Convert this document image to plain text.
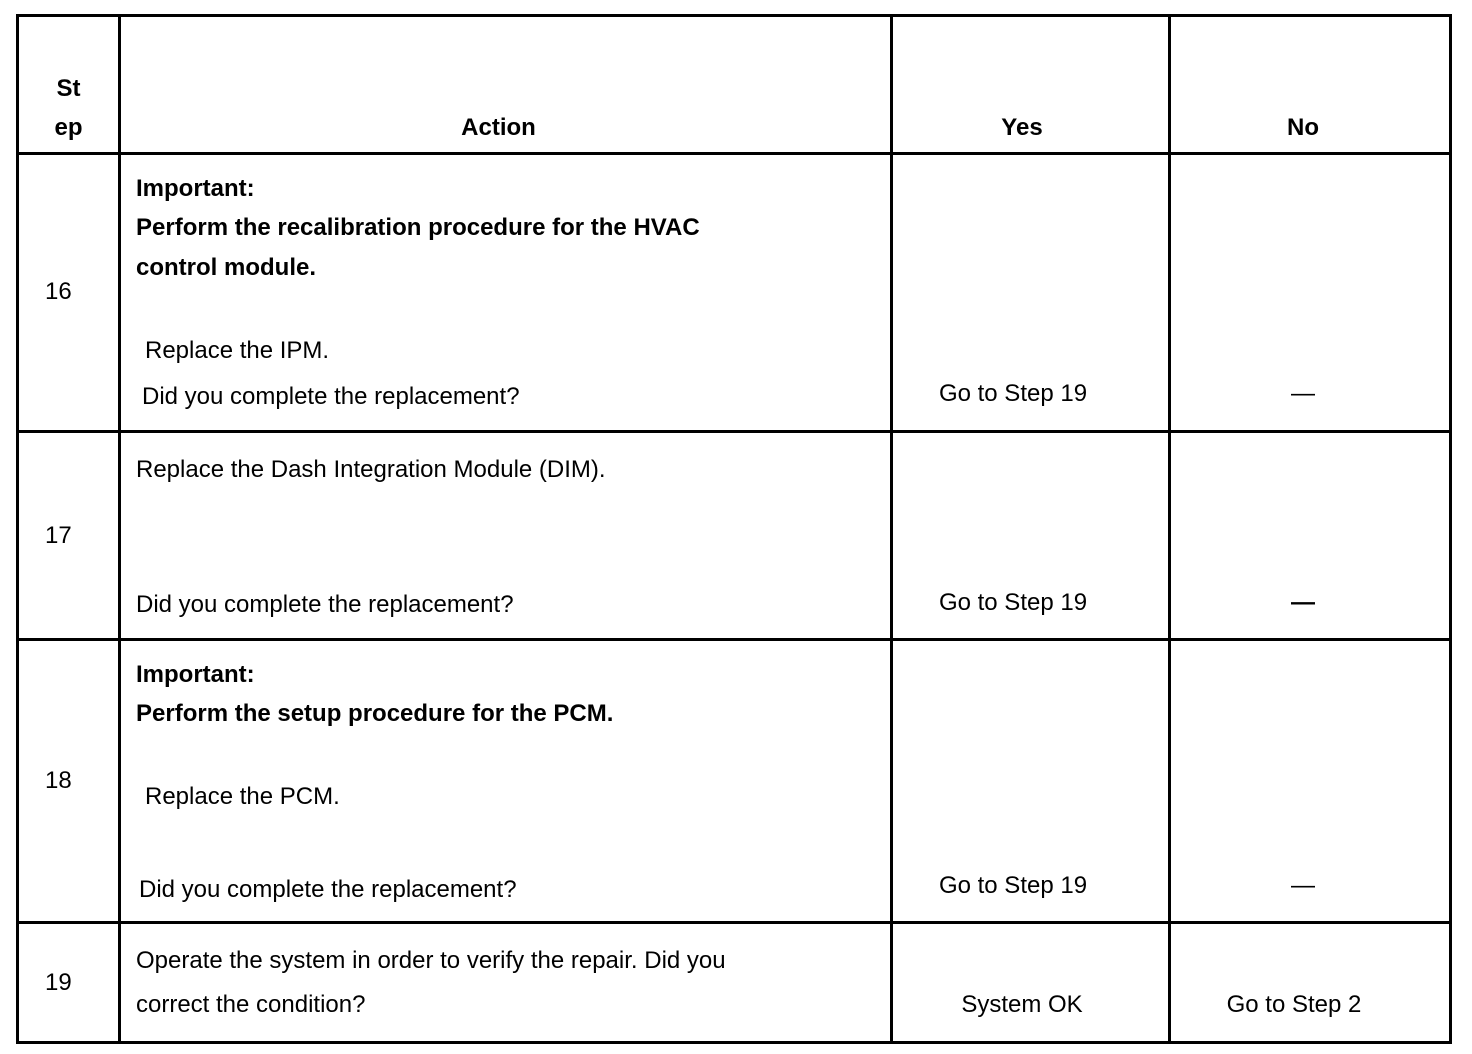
St
ep	Action	Yes	No
16
Important:
Perform the recalibration procedure for the HVAC
control module.
Replace the IPM.
Did you complete the replacement?	Go to Step 19	—
17
Replace the Dash Integration Module (DIM).
Did you complete the replacement?	Go to Step 19	—
18
Important:
Perform the setup procedure for the PCM.
Replace the PCM.
Did you complete the replacement?	Go to Step 19	—
19
Operate the system in order to verify the repair. Did you
correct the condition?	System OK	Go to Step 2
